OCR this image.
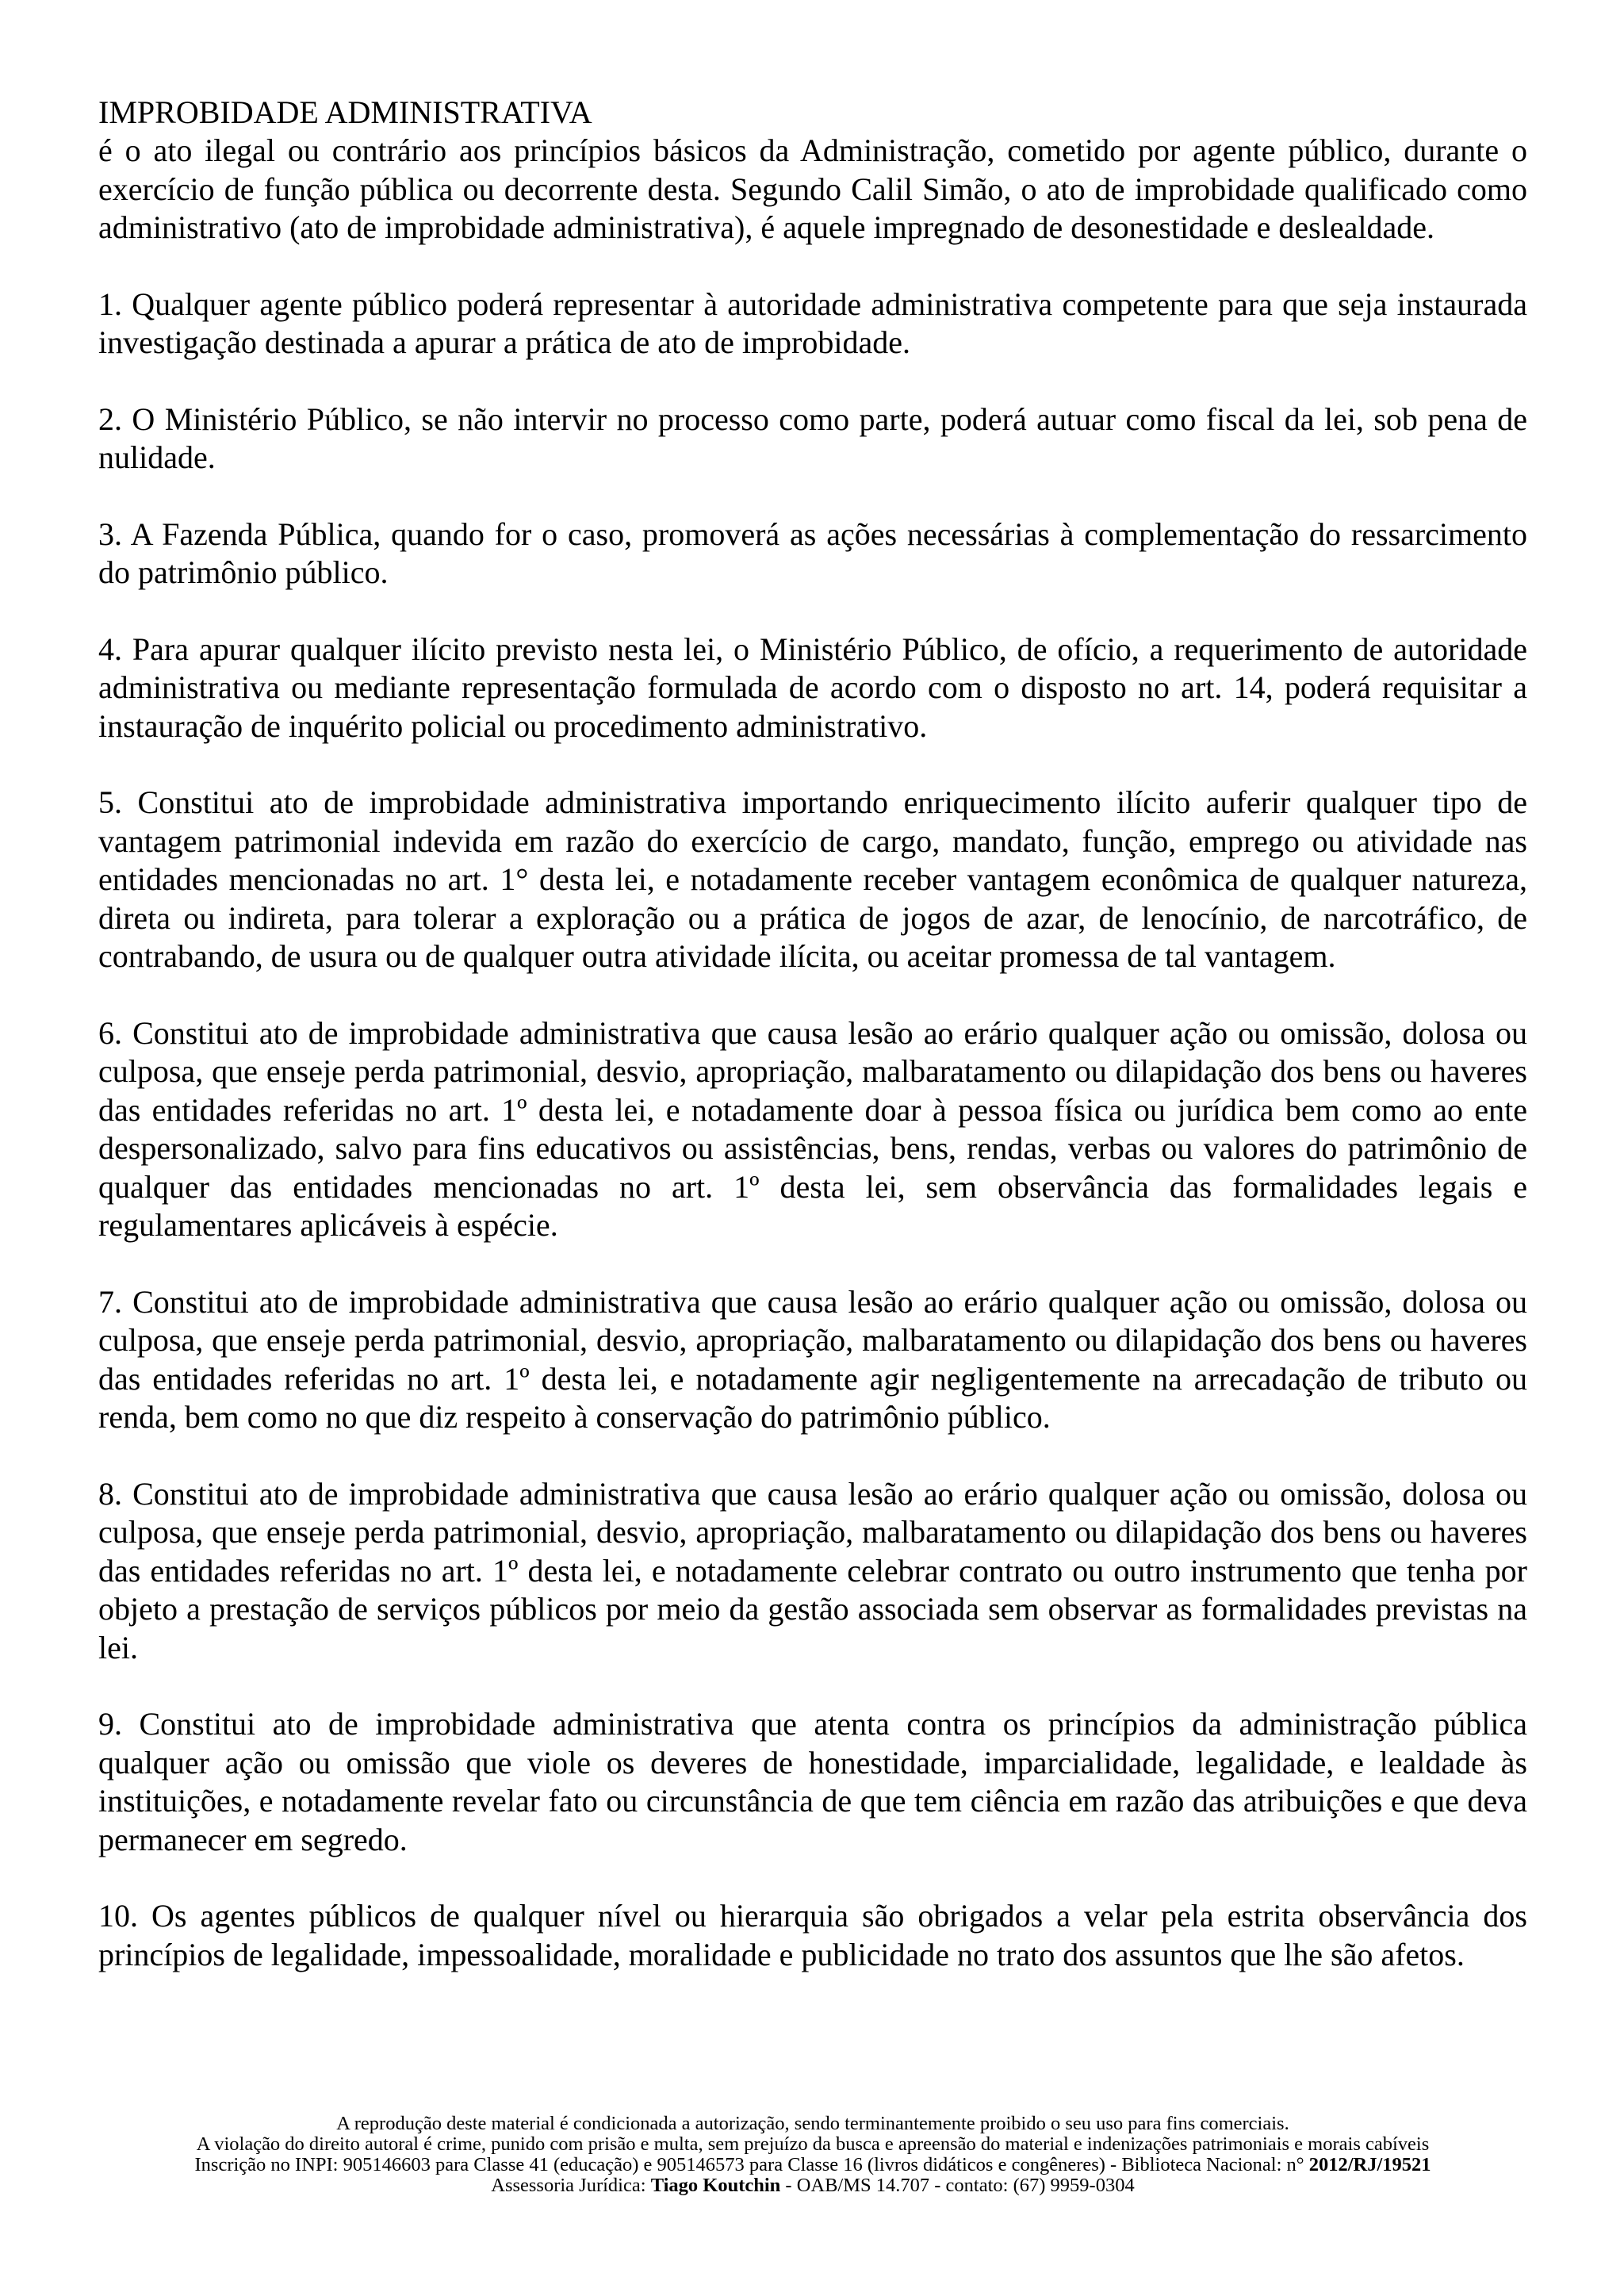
IMPROBIDADE ADMINISTRATIVA

é o ato ilegal ou contrário aos princípios básicos da Administração, cometido por agente público, durante o exercício de função pública ou decorrente desta. Segundo Calil Simão, o ato de improbidade qualificado como administrativo (ato de improbidade administrativa), é aquele impregnado de desonestidade e deslealdade.

1. Qualquer agente público poderá representar à autoridade administrativa competente para que seja instaurada investigação destinada a apurar a prática de ato de improbidade.

2. O Ministério Público, se não intervir no processo como parte, poderá autuar como fiscal da lei, sob pena de nulidade.

3. A Fazenda Pública, quando for o caso, promoverá as ações necessárias à complementação do ressarcimento do patrimônio público.

4. Para apurar qualquer ilícito previsto nesta lei, o Ministério Público, de ofício, a requerimento de autoridade administrativa ou mediante representação formulada de acordo com o disposto no art. 14, poderá requisitar a instauração de inquérito policial ou procedimento administrativo.

5. Constitui ato de improbidade administrativa importando enriquecimento ilícito auferir qualquer tipo de vantagem patrimonial indevida em razão do exercício de cargo, mandato, função, emprego ou atividade nas entidades mencionadas no art. 1° desta lei, e notadamente receber vantagem econômica de qualquer natureza, direta ou indireta, para tolerar a exploração ou a prática de jogos de azar, de lenocínio, de narcotráfico, de contrabando, de usura ou de qualquer outra atividade ilícita, ou aceitar promessa de tal vantagem.

6. Constitui ato de improbidade administrativa que causa lesão ao erário qualquer ação ou omissão, dolosa ou culposa, que enseje perda patrimonial, desvio, apropriação, malbaratamento ou dilapidação dos bens ou haveres das entidades referidas no art. 1º desta lei, e notadamente doar à pessoa física ou jurídica bem como ao ente despersonalizado, salvo para fins educativos ou assistências, bens, rendas, verbas ou valores do patrimônio de qualquer das entidades mencionadas no art. 1º desta lei, sem observância das formalidades legais e regulamentares aplicáveis à espécie.

7. Constitui ato de improbidade administrativa que causa lesão ao erário qualquer ação ou omissão, dolosa ou culposa, que enseje perda patrimonial, desvio, apropriação, malbaratamento ou dilapidação dos bens ou haveres das entidades referidas no art. 1º desta lei, e notadamente agir negligentemente na arrecadação de tributo ou renda, bem como no que diz respeito à conservação do patrimônio público.

8. Constitui ato de improbidade administrativa que causa lesão ao erário qualquer ação ou omissão, dolosa ou culposa, que enseje perda patrimonial, desvio, apropriação, malbaratamento ou dilapidação dos bens ou haveres das entidades referidas no art. 1º desta lei, e notadamente celebrar contrato ou outro instrumento que tenha por objeto a prestação de serviços públicos por meio da gestão associada sem observar as formalidades previstas na lei.

9. Constitui ato de improbidade administrativa que atenta contra os princípios da administração pública qualquer ação ou omissão que viole os deveres de honestidade, imparcialidade, legalidade, e lealdade às instituições, e notadamente revelar fato ou circunstância de que tem ciência em razão das atribuições e que deva permanecer em segredo.

10. Os agentes públicos de qualquer nível ou hierarquia são obrigados a velar pela estrita observância dos princípios de legalidade, impessoalidade, moralidade e publicidade no trato dos assuntos que lhe são afetos.

A reprodução deste material é condicionada a autorização, sendo terminantemente proibido o seu uso para fins comerciais.

A violação do direito autoral é crime, punido com prisão e multa, sem prejuízo da busca e apreensão do material e indenizações patrimoniais e morais cabíveis

Inscrição no INPI: 905146603 para Classe 41 (educação) e 905146573 para Classe 16 (livros didáticos e congêneres) - Biblioteca Nacional: n° 2012/RJ/19521

Assessoria Jurídica: Tiago Koutchin - OAB/MS 14.707 - contato: (67) 9959-0304
